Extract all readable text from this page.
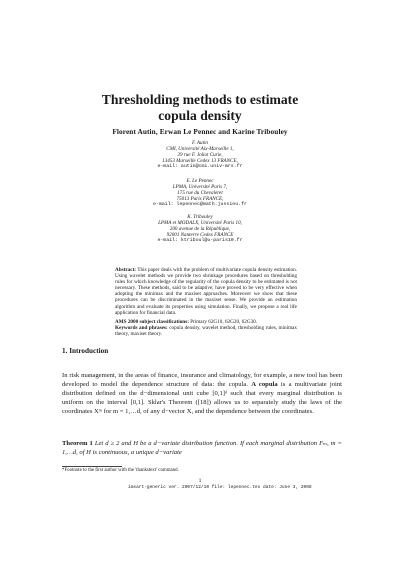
Thresholding methods to estimate
copula density
Florent Autin, Erwan Le Pennec and Karine Tribouley
F. Autin
CMI, Université Aix-Marseille 1,
39 rue F. Joliot Curie,
13453 Marseille Cedex 13 FRANCE,
e-mail: autin@cmi.univ-mrs.fr
E. Le Pennec
LPMA, Université Paris 7,
175 rue du Chevaleret
75013 Paris FRANCE,
e-mail: lepennec@math.jussieu.fr
K. Tribouley
LPMA et MODALX, Université Paris 10,
200 avenue de la République,
92001 Nanterre Cedex FRANCE
e-mail: ktriboul@u-paris10.fr

Abstract: This paper deals with the problem of multivariate copula density estimation. Using wavelet methods we provide two shrinkage procedures based on thresholding rules for which knowledge of the regularity of the copula density to be estimated is not necessary. These methods, said to be adaptive, have proved to be very effective when adopting the minimax and the maxiset approaches. Moreover we show that these procedures can be discriminated in the maxiset sense. We provide an estimation algorithm and evaluate its properties using simulation. Finally, we propose a real life application for financial data.

AMS 2000 subject classifications: Primary 62G10, 62G20, 62G30.
Keywords and phrases: copula density, wavelet method, thresholding rules, minimax theory, maxiset theory.

1. Introduction
In risk management, in the areas of finance, insurance and climatology, for example, a new tool has been developed to model the dependence structure of data: the copula. A copula is a multivariate joint distribution defined on the d−dimensional unit cube [0,1]ᵈ such that every marginal distribution is uniform on the interval [0,1]. Sklar's Theorem ([18]) allows us to separately study the laws of the coordinates Xᵐ for m = 1,…d, of any d−vector X, and the dependence between the coordinates.
Theorem 1 Let d ≥ 2 and H be a d−variate distribution function. If each marginal distribution Fₘ, m = 1,…d, of H is continuous, a unique d−variate
*Footnote to the first author with the 'thankstext' command.
1
imsart-generic ver. 2007/12/10 file: lepennec.tex date: June 3, 2008
